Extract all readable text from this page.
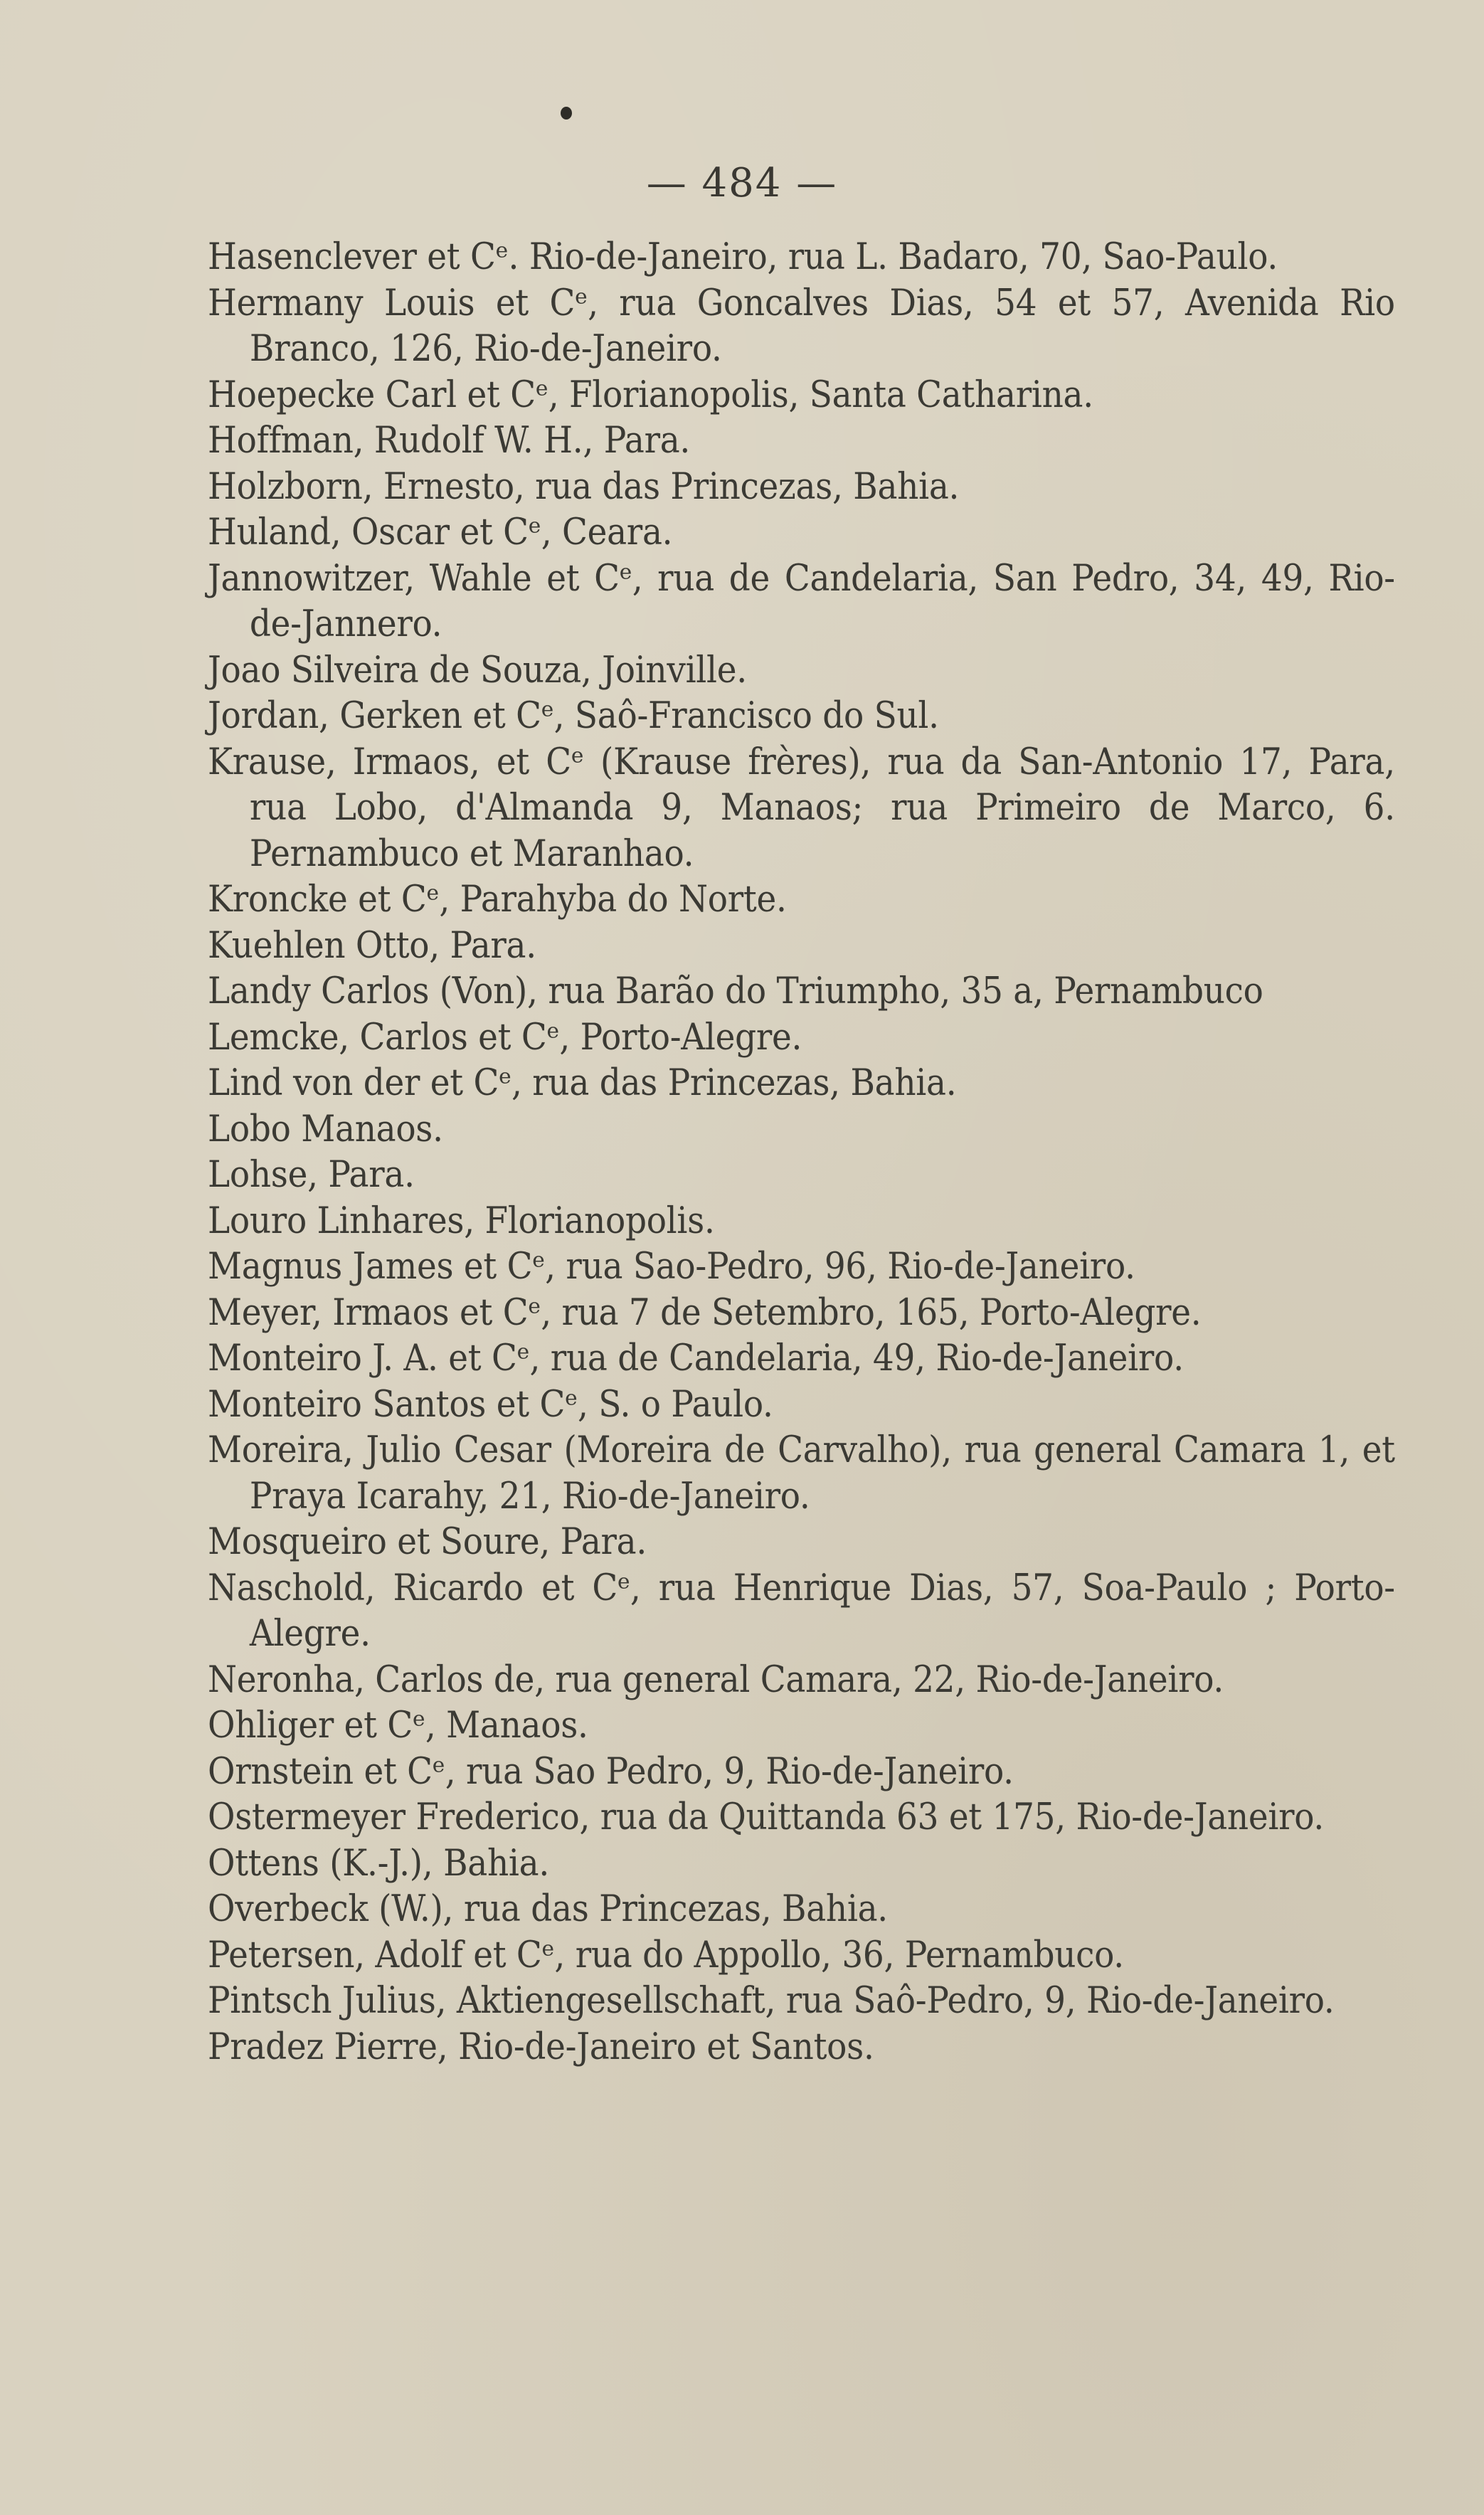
— 484 —
Hasenclever et Cᵉ. Rio-de-Janeiro, rua L. Badaro, 70, Sao-Paulo.
Hermany Louis et Cᵉ, rua Goncalves Dias, 54 et 57, Avenida Rio Branco, 126, Rio-de-Janeiro.
Hoepecke Carl et Cᵉ, Florianopolis, Santa Catharina.
Hoffman, Rudolf W. H., Para.
Holzborn, Ernesto, rua das Princezas, Bahia.
Huland, Oscar et Cᵉ, Ceara.
Jannowitzer, Wahle et Cᵉ, rua de Candelaria, San Pedro, 34, 49, Rio-de-Jannero.
Joao Silveira de Souza, Joinville.
Jordan, Gerken et Cᵉ, Saô-Francisco do Sul.
Krause, Irmaos, et Cᵉ (Krause frères), rua da San-Antonio 17, Para, rua Lobo, d'Almanda 9, Manaos; rua Primeiro de Marco, 6. Pernambuco et Maranhao.
Kroncke et Cᵉ, Parahyba do Norte.
Kuehlen Otto, Para.
Landy Carlos (Von), rua Barão do Triumpho, 35 a, Pernambuco
Lemcke, Carlos et Cᵉ, Porto-Alegre.
Lind von der et Cᵉ, rua das Princezas, Bahia.
Lobo Manaos.
Lohse, Para.
Louro Linhares, Florianopolis.
Magnus James et Cᵉ, rua Sao-Pedro, 96, Rio-de-Janeiro.
Meyer, Irmaos et Cᵉ, rua 7 de Setembro, 165, Porto-Alegre.
Monteiro J. A. et Cᵉ, rua de Candelaria, 49, Rio-de-Janeiro.
Monteiro Santos et Cᵉ, S. o Paulo.
Moreira, Julio Cesar (Moreira de Carvalho), rua general Camara 1, et Praya Icarahy, 21, Rio-de-Janeiro.
Mosqueiro et Soure, Para.
Naschold, Ricardo et Cᵉ, rua Henrique Dias, 57, Soa-Paulo ; Porto-Alegre.
Neronha, Carlos de, rua general Camara, 22, Rio-de-Janeiro.
Ohliger et Cᵉ, Manaos.
Ornstein et Cᵉ, rua Sao Pedro, 9, Rio-de-Janeiro.
Ostermeyer Frederico, rua da Quittanda 63 et 175, Rio-de-Janeiro.
Ottens (K.-J.), Bahia.
Overbeck (W.), rua das Princezas, Bahia.
Petersen, Adolf et Cᵉ, rua do Appollo, 36, Pernambuco.
Pintsch Julius, Aktiengesellschaft, rua Saô-Pedro, 9, Rio-de-Janeiro.
Pradez Pierre, Rio-de-Janeiro et Santos.
